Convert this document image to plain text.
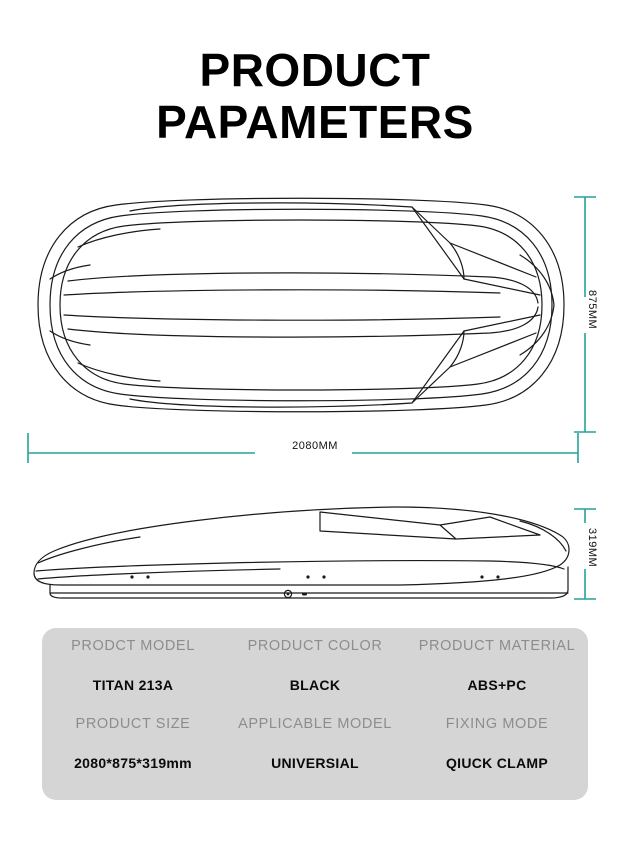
PRODUCT
PAPAMETERS
875MM
2080MM
319MM
PRODCT MODEL	PRODUCT COLOR	PRODUCT MATERIAL
TITAN 213A	BLACK	ABS+PC
PRODUCT SIZE	APPLICABLE MODEL	FIXING MODE
2080*875*319mm	UNIVERSIAL	QIUCK CLAMP
